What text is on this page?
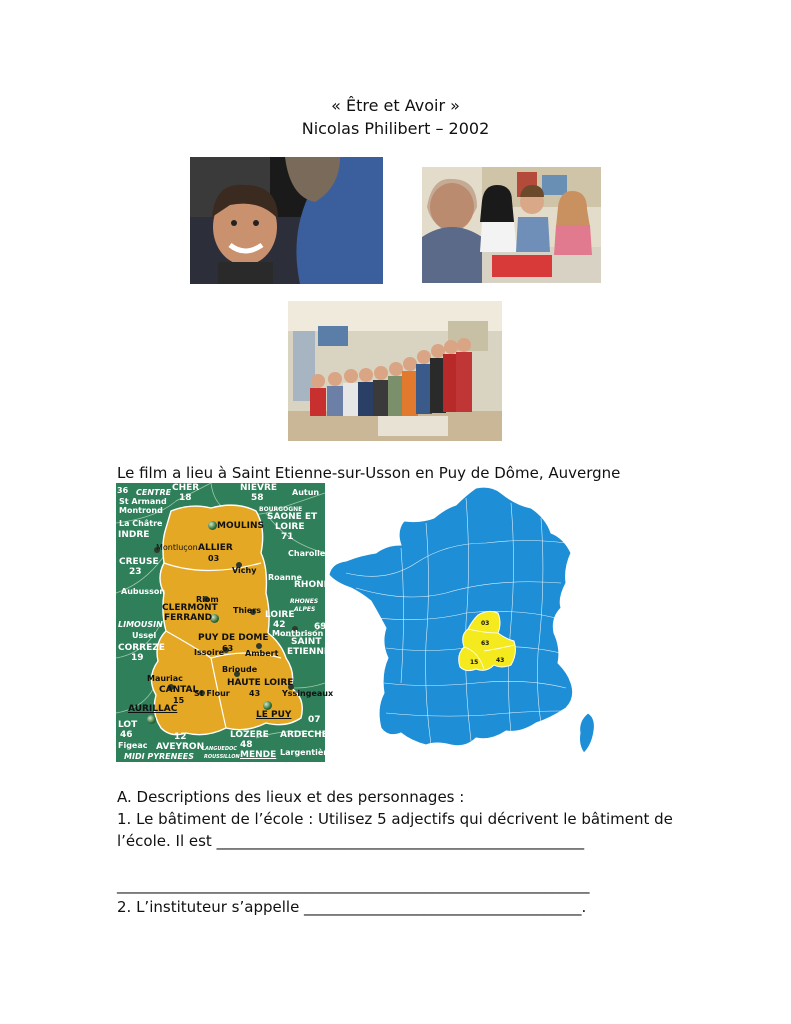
« Être et Avoir »
Nicolas Philibert – 2002
Le film a lieu à Saint Etienne-sur-Usson en Puy de Dôme, Auvergne
36 CENTRE CHER
18
NIEVRE
58
St Armand
Montrond
Autun
BOURGOGNE
La Châtre
INDRE
MOULINS
SAONE ET
LOIRE
71
Montluçon ALLIER
03
Charolles
CREUSE
23	Vichy
Roanne
RHONE
Aubusson
Riom	RHONES
ALPES
CLERMONT
FERRAND
Thiers LOIRE
42
LIMOUSIN
Ussel
69
PUY DE DOME
63
Montbrison
CORREZE
19
Issoire	Ambert
SAINT
ETIENNE
Brioude
Mauriac	HAUTE LOIRE
CANTAL
15
St Flour 43	Yssingeaux
AURILLAC
LE PUY 07
LOT
46	LOZERE
48
ARDECHE
Figeac
12
AVEYRON
LANGUEDOC
ROUSSILLON	Largentière
MIDI PYRENEES	MENDE
03
63
15	43
A. Descriptions des lieux et des personnages :
1. Le bâtiment de l’école : Utilisez 5 adjectifs qui décrivent le bâtiment de
l’école. Il est _________________________________________________
_______________________________________________________________
2. L’instituteur s’appelle _____________________________________.
